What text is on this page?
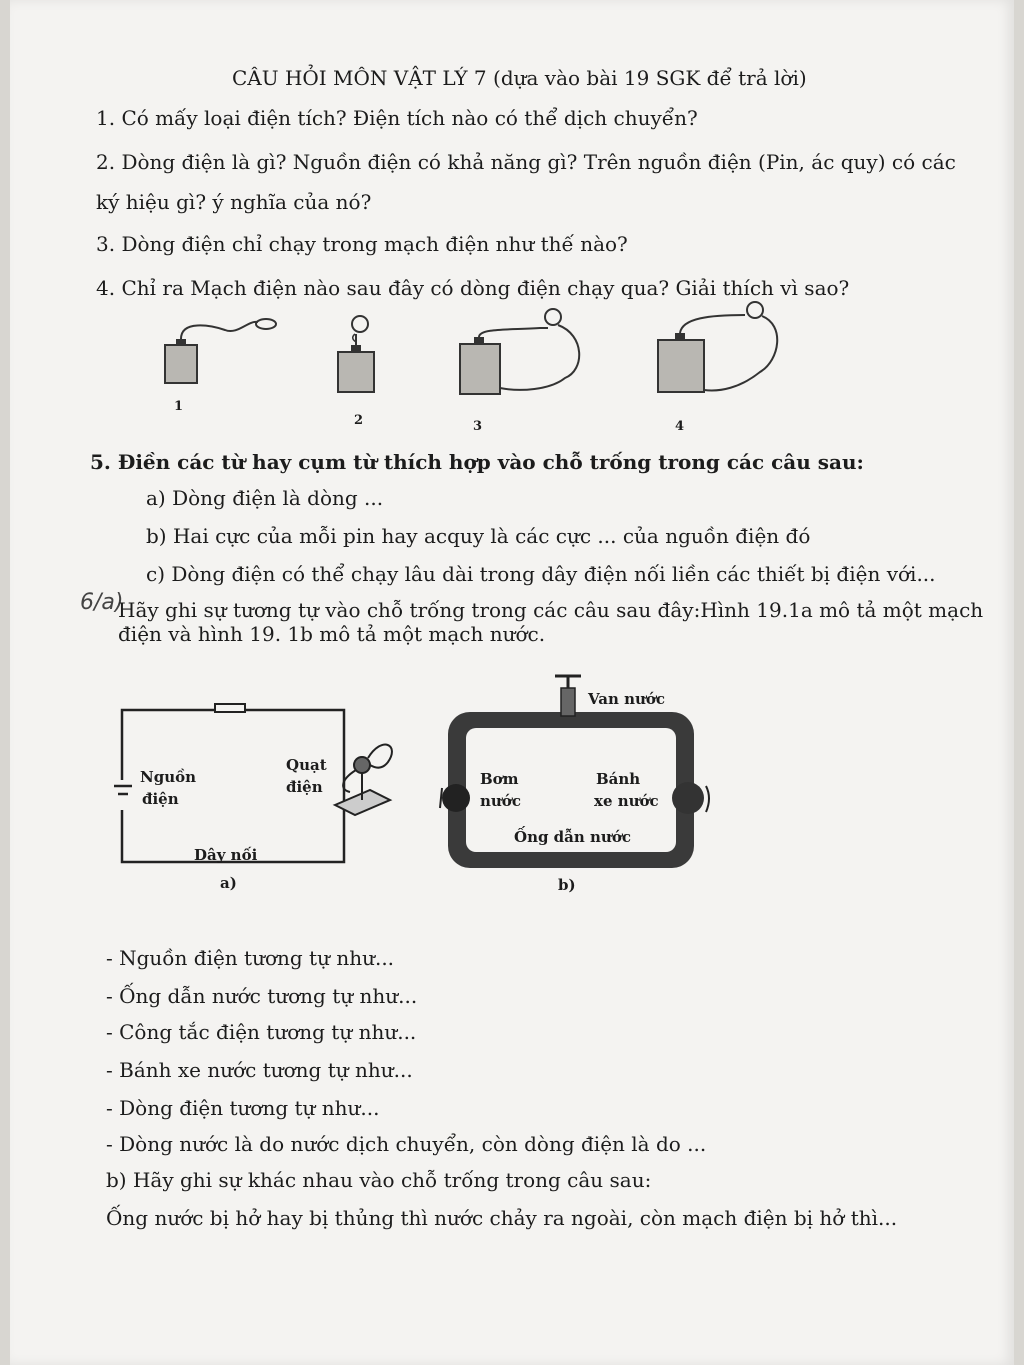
CÂU HỎI MÔN VẬT LÝ 7 (dựa vào bài 19 SGK để trả lời)
1. Có mấy loại điện tích? Điện tích nào có thể dịch chuyển?
2. Dòng điện là gì? Nguồn điện có khả năng gì? Trên nguồn điện (Pin, ác quy) có các
ký hiệu gì? ý nghĩa của nó?
3. Dòng điện chỉ chạy trong mạch điện như thế nào?
4. Chỉ ra Mạch điện nào sau đây có dòng điện chạy qua? Giải thích vì sao?
1
2	3	4
5. Điền các từ hay cụm từ thích hợp vào chỗ trống trong các câu sau:
a) Dòng điện là dòng ...
b) Hai cực của mỗi pin hay acquy là các cực ... của nguồn điện đó
c) Dòng điện có thể chạy lâu dài trong dây điện nối liền các thiết bị điện với...
6/a)
Hãy ghi sự tương tự vào chỗ trống trong các câu sau đây:Hình 19.1a mô tả một mạch
điện và hình 19. 1b mô tả một mạch nước.
Nguồn
điện
Quạt
điện
Dây nối
a)
Van nước
Bơm
nước
Bánh
xe nước
Ống dẫn nước
b)
- Nguồn điện tương tự như...
- Ống dẫn nước tương tự như...
- Công tắc điện tương tự như...
- Bánh xe nước tương tự như...
- Dòng điện tương tự như...
- Dòng nước là do nước dịch chuyển, còn dòng điện là do ...
b) Hãy ghi sự khác nhau vào chỗ trống trong câu sau:
Ống nước bị hở hay bị thủng thì nước chảy ra ngoài, còn mạch điện bị hở thì...
